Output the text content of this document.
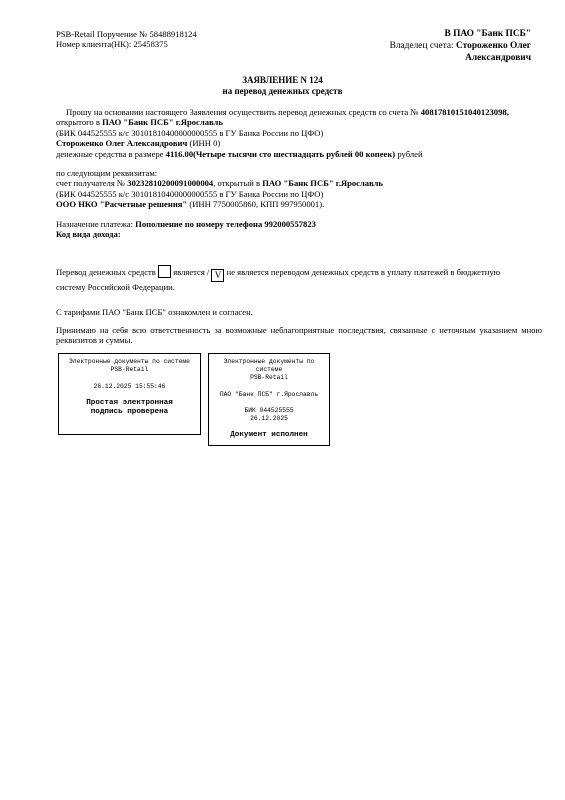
PSB-Retail Поручение № 58488918124
Номер клиента(НК): 25458375
В ПАО "Банк ПСБ"
Владелец счета: Стороженко Олег
Александрович
ЗАЯВЛЕНИЕ N 124
на перевод денежных средств

Прошу на основании настоящего Заявления осуществить перевод денежных средств со счета № 40817810151040123098,

открытого в ПАО "Банк ПСБ" г.Ярославль

(БИК 044525555 к/с 30101810400000000555 в ГУ Банка России по ЦФО)

Стороженко Олег Александрович (ИНН 0)

денежные средства в размере 4116.00(Четыре тысячи сто шестнадцать рублей 00 копеек) рублей

по следующим реквизитам:

счет получателя № 30232810200091000004, открытый в ПАО "Банк ПСБ" г.Ярославль

(БИК 044525555 к/с 30101810400000000555 в ГУ Банка России по ЦФО)

ООО НКО "Расчетные решения" (ИНН 7750005860, КПП 997950001).

Назначение платежа: Пополнение по номеру телефона 992000557823

Код вида дохода:

Перевод денежных средств является / V не является переводом денежных средств в уплату платежей в бюджетную

систему Российской Федерации.

С тарифами ПАО "Банк ПСБ" ознакомлен и согласен.

Принимаю на себя всю ответственность за возможные неблагоприятные последствия, связанные с неточным указанием мною реквизитов и суммы.

Электронные документы по системе
PSB-Retail
26.12.2025 15:55:46
Простая электронная подпись проверена
Электронные документы по системе
PSB-Retail
ПАО "Банк ПСБ" г.Ярославль
БИК 044525555
26.12.2025
Документ исполнен
